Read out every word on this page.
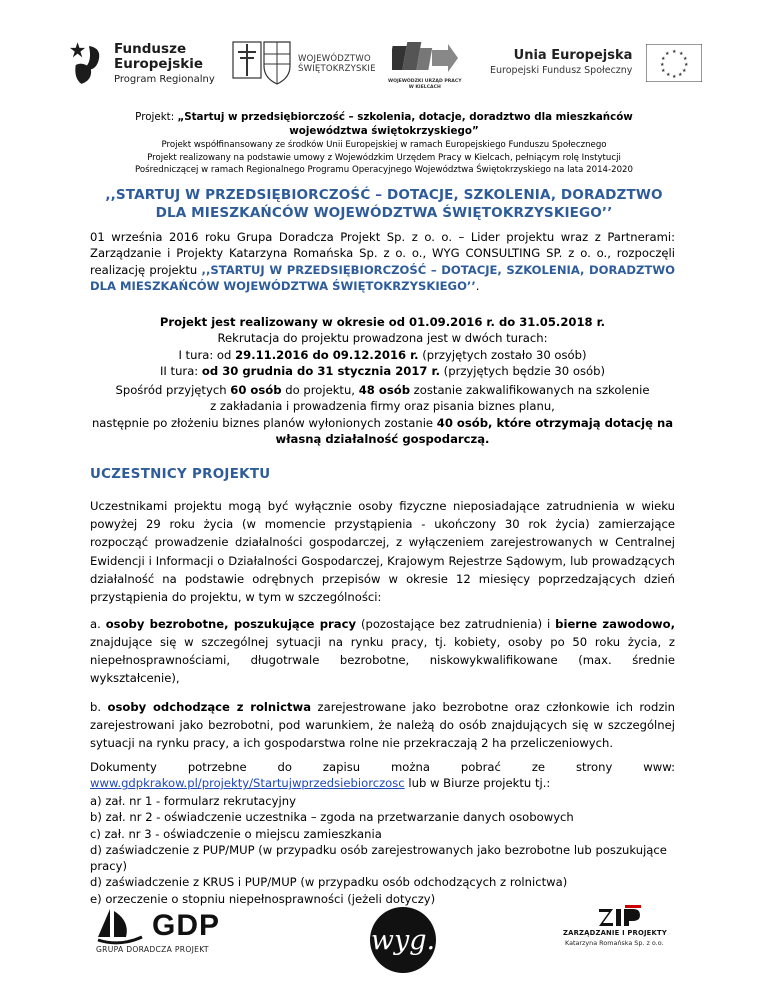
Fundusze
Europejskie
Program Regionalny
WOJEWÓDZTWO
ŚWIĘTOKRZYSKIE
WOJEWÓDZKI URZĄD PRACY
W KIELCACH
Unia Europejska
Europejski Fundusz Społeczny
★ ★
★
★
★
★
★
★
★
★
★
★
Projekt: „Startuj w przedsiębiorczość – szkolenia, dotacje, doradztwo dla mieszkańców
województwa świętokrzyskiego”
Projekt współfinansowany ze środków Unii Europejskiej w ramach Europejskiego Funduszu Społecznego
Projekt realizowany na podstawie umowy z Wojewódzkim Urzędem Pracy w Kielcach, pełniącym rolę Instytucji
Pośredniczącej w ramach Regionalnego Programu Operacyjnego Województwa Świętokrzyskiego na lata 2014-2020
,,STARTUJ W PRZEDSIĘBIORCZOŚĆ – DOTACJE, SZKOLENIA, DORADZTWO
DLA MIESZKAŃCÓW WOJEWÓDZTWA ŚWIĘTOKRZYSKIEGO’’
01 września 2016 roku Grupa Doradcza Projekt Sp. z o. o. – Lider projektu wraz z Partnerami: Zarządzanie i Projekty Katarzyna Romańska Sp. z o. o., WYG CONSULTING SP. z o. o., rozpoczęli realizację projektu ,,STARTUJ W PRZEDSIĘBIORCZOŚĆ – DOTACJE, SZKOLENIA, DORADZTWO DLA MIESZKAŃCÓW WOJEWÓDZTWA ŚWIĘTOKRZYSKIEGO’’.
Projekt jest realizowany w okresie od 01.09.2016 r. do 31.05.2018 r.
Rekrutacja do projektu prowadzona jest w dwóch turach:
I tura: od 29.11.2016 do 09.12.2016 r. (przyjętych zostało 30 osób)
II tura: od 30 grudnia do 31 stycznia 2017 r. (przyjętych będzie 30 osób)
Spośród przyjętych 60 osób do projektu, 48 osób zostanie zakwalifikowanych na szkolenie
z zakładania i prowadzenia firmy oraz pisania biznes planu,
następnie po złożeniu biznes planów wyłonionych zostanie 40 osób, które otrzymają dotację na
własną działalność gospodarczą.
UCZESTNICY PROJEKTU
Uczestnikami projektu mogą być wyłącznie osoby fizyczne nieposiadające zatrudnienia w wieku powyżej 29 roku życia (w momencie przystąpienia - ukończony 30 rok życia) zamierzające rozpocząć prowadzenie działalności gospodarczej, z wyłączeniem zarejestrowanych w Centralnej Ewidencji i Informacji o Działalności Gospodarczej, Krajowym Rejestrze Sądowym, lub prowadzących działalność na podstawie odrębnych przepisów w okresie 12 miesięcy poprzedzających dzień przystąpienia do projektu, w tym w szczególności:
a. osoby bezrobotne, poszukujące pracy (pozostające bez zatrudnienia) i bierne zawodowo, znajdujące się w szczególnej sytuacji na rynku pracy, tj. kobiety, osoby po 50 roku życia, z niepełnosprawnościami, długotrwale bezrobotne, niskowykwalifikowane (max. średnie wykształcenie),
b. osoby odchodzące z rolnictwa zarejestrowane jako bezrobotne oraz członkowie ich rodzin zarejestrowani jako bezrobotni, pod warunkiem, że należą do osób znajdujących się w szczególnej sytuacji na rynku pracy, a ich gospodarstwa rolne nie przekraczają 2 ha przeliczeniowych.
Dokumenty potrzebne do zapisu można pobrać ze strony www: www.gdpkrakow.pl/projekty/Startujwprzedsiebiorczosc lub w Biurze projektu tj.:
a) zał. nr 1 - formularz rekrutacyjny
b) zał. nr 2 - oświadczenie uczestnika – zgoda na przetwarzanie danych osobowych
c) zał. nr 3 - oświadczenie o miejscu zamieszkania
d) zaświadczenie z PUP/MUP (w przypadku osób zarejestrowanych jako bezrobotne lub poszukujące pracy)
d) zaświadczenie z KRUS i PUP/MUP (w przypadku osób odchodzących z rolnictwa)
e) orzeczenie o stopniu niepełnosprawności (jeżeli dotyczy)
GDP
GRUPA DORADCZA PROJEKT	wyg.	ZARZĄDZANIE I PROJEKTY
Katarzyna Romańska Sp. z o.o.
